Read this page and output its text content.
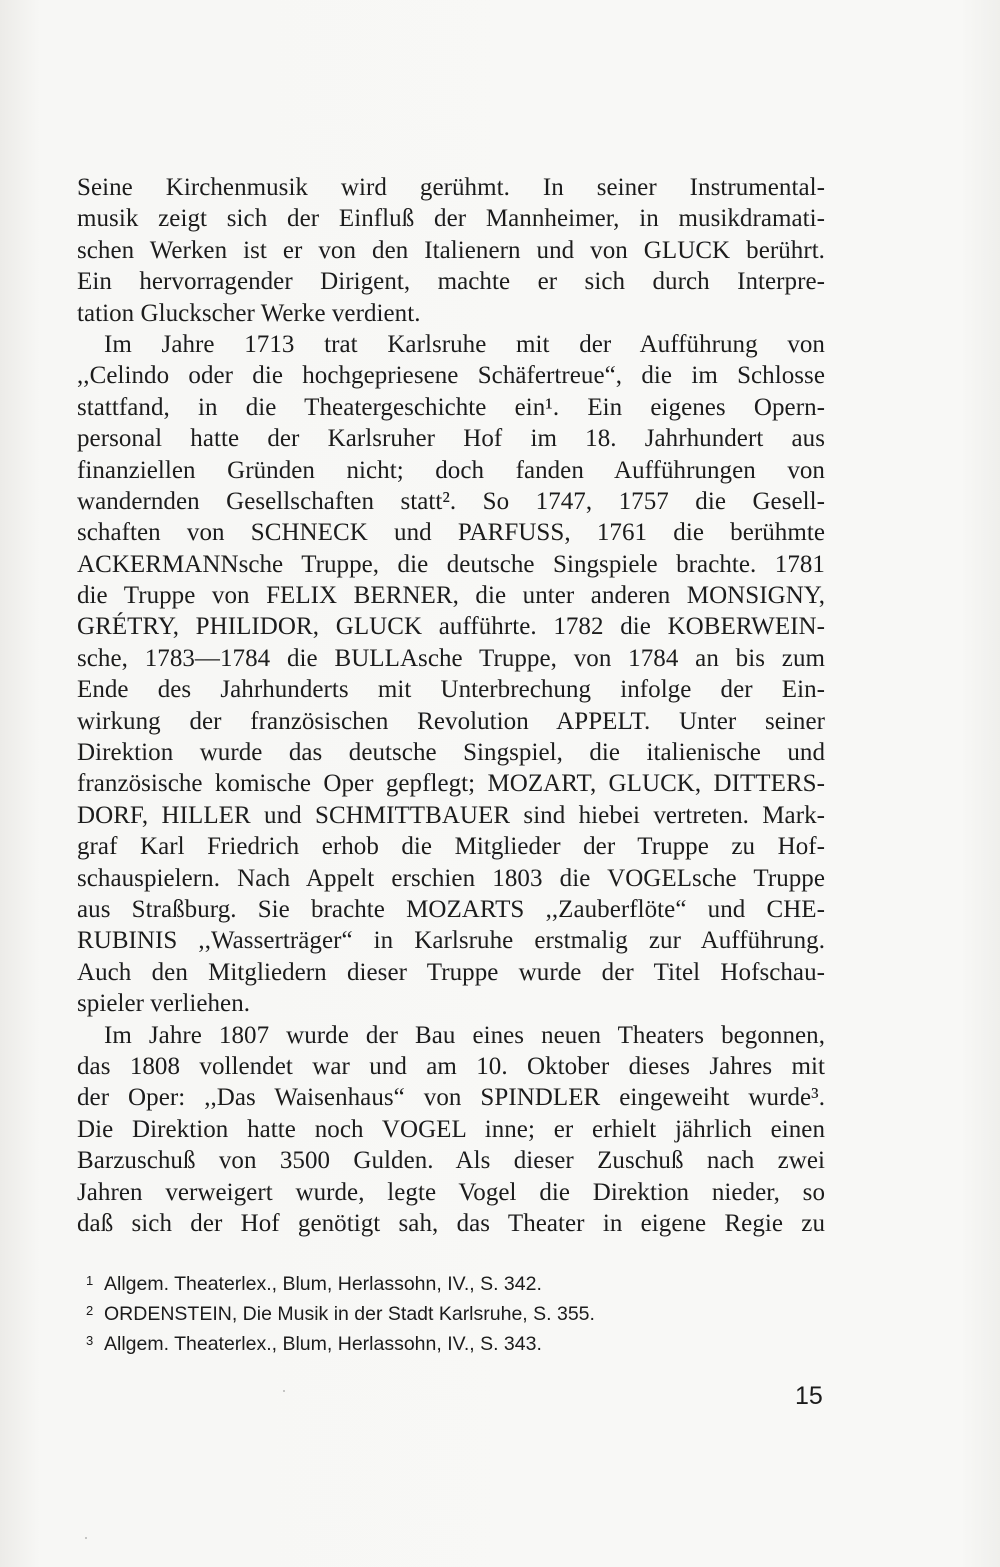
Seine Kirchenmusik wird gerühmt. In seiner Instrumental-
musik zeigt sich der Einfluß der Mannheimer, in musikdramati-
schen Werken ist er von den Italienern und von GLUCK berührt.
Ein hervorragender Dirigent, machte er sich durch Interpre-
tation Gluckscher Werke verdient.
Im Jahre 1713 trat Karlsruhe mit der Aufführung von
,,Celindo oder die hochgepriesene Schäfertreue“, die im Schlosse
stattfand, in die Theatergeschichte ein¹. Ein eigenes Opern-
personal hatte der Karlsruher Hof im 18. Jahrhundert aus
finanziellen Gründen nicht; doch fanden Aufführungen von
wandernden Gesellschaften statt². So 1747, 1757 die Gesell-
schaften von SCHNECK und PARFUSS, 1761 die berühmte
ACKERMANNsche Truppe, die deutsche Singspiele brachte. 1781
die Truppe von FELIX BERNER, die unter anderen MONSIGNY,
GRÉTRY, PHILIDOR, GLUCK aufführte. 1782 die KOBERWEIN-
sche, 1783—1784 die BULLAsche Truppe, von 1784 an bis zum
Ende des Jahrhunderts mit Unterbrechung infolge der Ein-
wirkung der französischen Revolution APPELT. Unter seiner
Direktion wurde das deutsche Singspiel, die italienische und
französische komische Oper gepflegt; MOZART, GLUCK, DITTERS-
DORF, HILLER und SCHMITTBAUER sind hiebei vertreten. Mark-
graf Karl Friedrich erhob die Mitglieder der Truppe zu Hof-
schauspielern. Nach Appelt erschien 1803 die VOGELsche Truppe
aus Straßburg. Sie brachte MOZARTS ,,Zauberflöte“ und CHE-
RUBINIS ,,Wasserträger“ in Karlsruhe erstmalig zur Aufführung.
Auch den Mitgliedern dieser Truppe wurde der Titel Hofschau-
spieler verliehen.
Im Jahre 1807 wurde der Bau eines neuen Theaters begonnen,
das 1808 vollendet war und am 10. Oktober dieses Jahres mit
der Oper: ,,Das Waisenhaus“ von SPINDLER eingeweiht wurde³.
Die Direktion hatte noch VOGEL inne; er erhielt jährlich einen
Barzuschuß von 3500 Gulden. Als dieser Zuschuß nach zwei
Jahren verweigert wurde, legte Vogel die Direktion nieder, so
daß sich der Hof genötigt sah, das Theater in eigene Regie zu
1 Allgem. Theaterlex., Blum, Herlassohn, IV., S. 342.
2 ORDENSTEIN, Die Musik in der Stadt Karlsruhe, S. 355.
3 Allgem. Theaterlex., Blum, Herlassohn, IV., S. 343.
15
